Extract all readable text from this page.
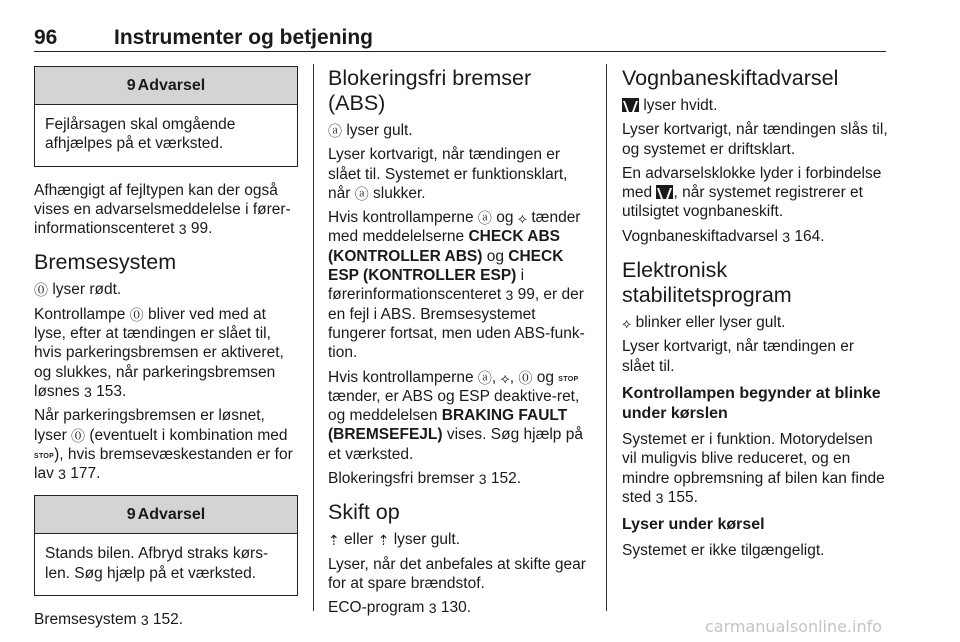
96	Instrumenter og betjening
9 Advarsel
Fejlårsagen skal omgående afhjælpes på et værksted.

Afhængigt af fejltypen kan der også vises en advarselsmeddelelse i fører-informationscenteret 3 99.

Bremsesystem

⓪ lyser rødt.

Kontrollampe ⓪ bliver ved med at lyse, efter at tændingen er slået til, hvis parkeringsbremsen er aktiveret, og slukkes, når parkeringsbremsen løsnes 3 153.

Når parkeringsbremsen er løsnet, lyser ⓪ (eventuelt i kombination med STOP), hvis bremsevæskestanden er for lav 3 177.

9 Advarsel
Stands bilen. Afbryd straks kørs-len. Søg hjælp på et værksted.

Bremsesystem 3 152.

Blokeringsfri bremser (ABS)

ⓐ lyser gult.

Lyser kortvarigt, når tændingen er slået til. Systemet er funktionsklart, når ⓐ slukker.

Hvis kontrollamperne ⓐ og ⟡ tænder med meddelelserne CHECK ABS (KONTROLLER ABS) og CHECK ESP (KONTROLLER ESP) i førerinformationscenteret 3 99, er der en fejl i ABS. Bremsesystemet fungerer fortsat, men uden ABS-funk-tion.

Hvis kontrollamperne ⓐ, ⟡, ⓪ og STOP tænder, er ABS og ESP deaktive-ret, og meddelelsen BRAKING FAULT (BREMSEFEJL) vises. Søg hjælp på et værksted.

Blokeringsfri bremser 3 152.

Skift op

⇡ eller ⇡ lyser gult.

Lyser, når det anbefales at skifte gear for at spare brændstof.

ECO-program 3 130.

Vognbaneskiftadvarsel

lyser hvidt.

Lyser kortvarigt, når tændingen slås til, og systemet er driftsklart.

En advarselsklokke lyder i forbindelse med , når systemet registrerer et utilsigtet vognbaneskift.

Vognbaneskiftadvarsel 3 164.

Elektronisk
stabilitetsprogram

⟡ blinker eller lyser gult.

Lyser kortvarigt, når tændingen er slået til.

Kontrollampen begynder at blinke under kørslen

Systemet er i funktion. Motorydelsen vil muligvis blive reduceret, og en mindre opbremsning af bilen kan finde sted 3 155.

Lyser under kørsel

Systemet er ikke tilgængeligt.

carmanualsonline.info
